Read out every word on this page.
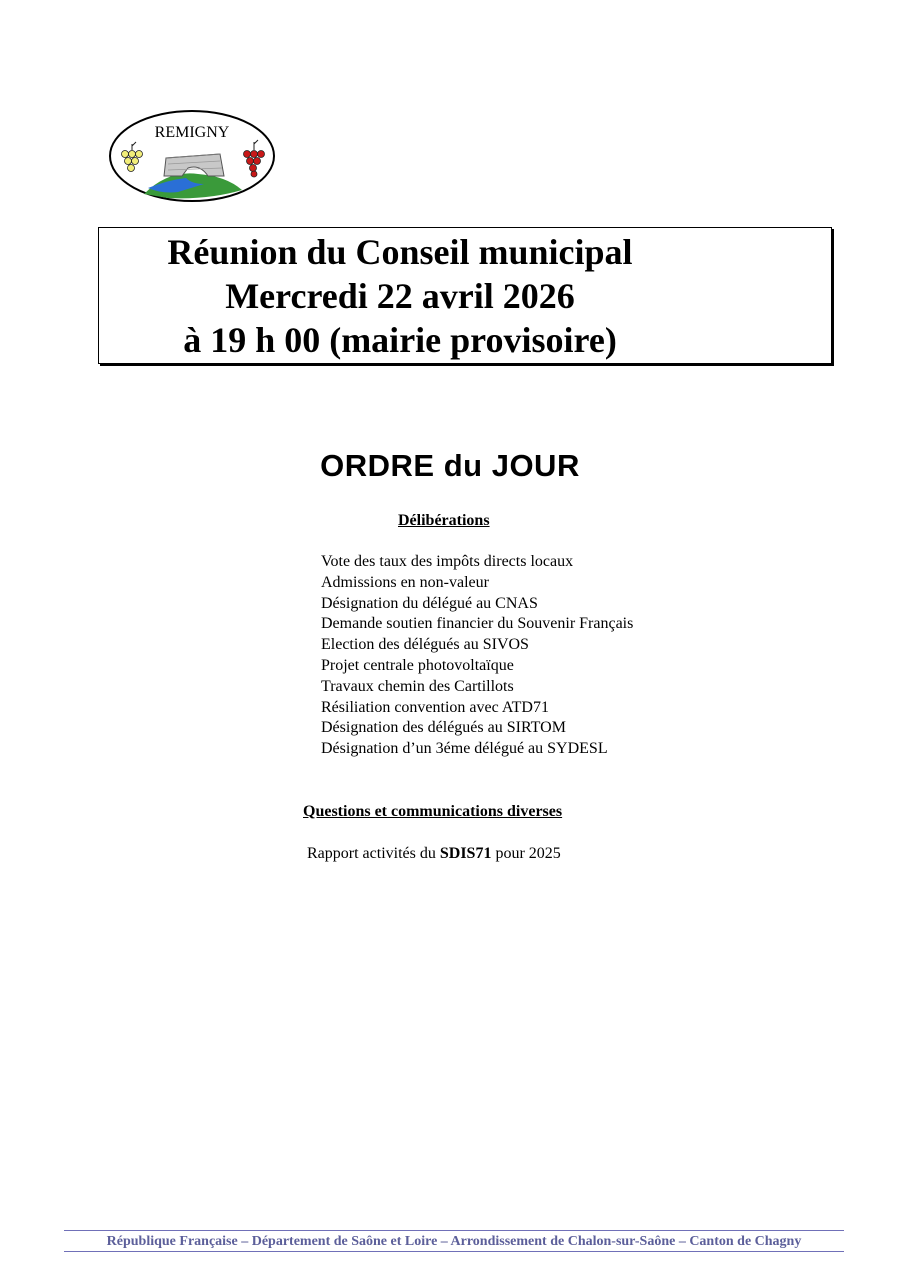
REMIGNY
Réunion du Conseil municipal
Mercredi 22 avril 2026
à 19 h 00 (mairie provisoire)
ORDRE du JOUR
Délibérations
Vote des taux des impôts directs locaux
Admissions en non-valeur
Désignation du délégué au CNAS
Demande soutien financier du Souvenir Français
Election des délégués au SIVOS
Projet centrale photovoltaïque
Travaux chemin des Cartillots
Résiliation convention avec ATD71
Désignation des délégués au SIRTOM
Désignation d’un 3éme délégué au SYDESL
Questions et communications diverses
Rapport activités du SDIS71 pour 2025
République Française – Département de Saône et Loire – Arrondissement de Chalon-sur-Saône – Canton de Chagny
